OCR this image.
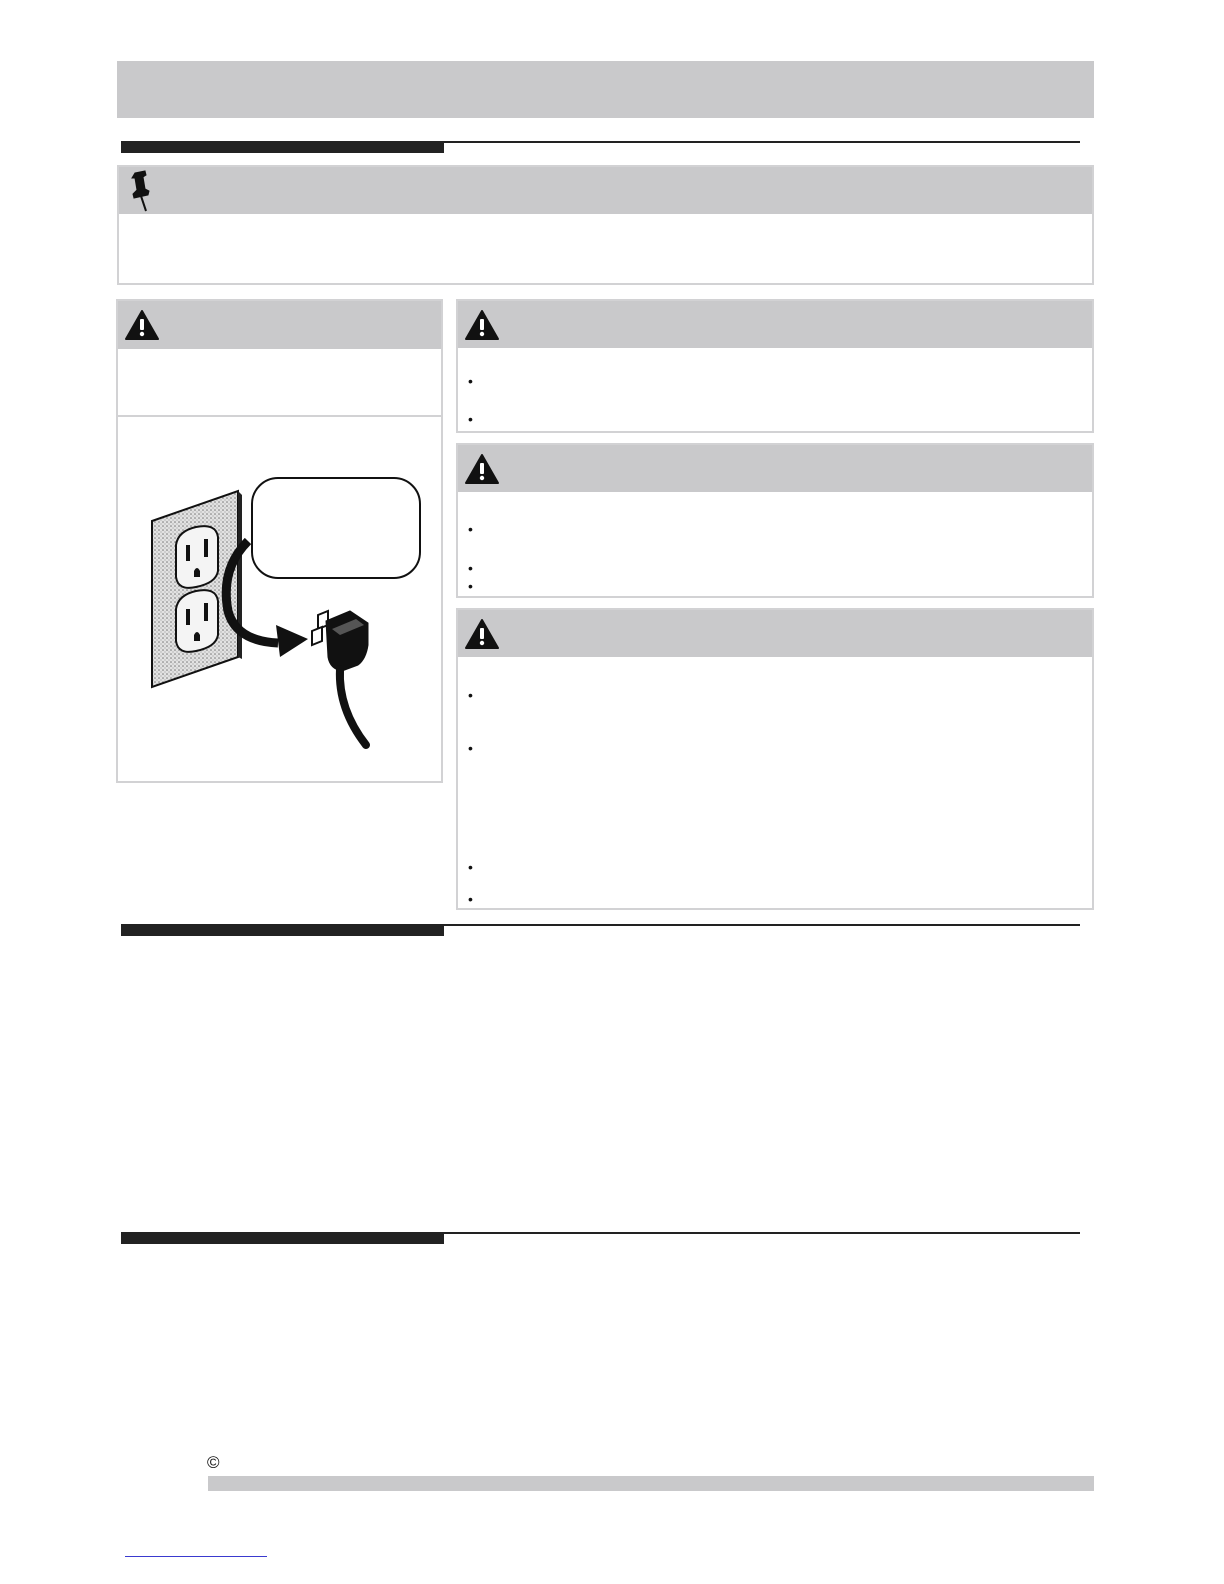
•
•
•
•
•
•
•
•
•
©
